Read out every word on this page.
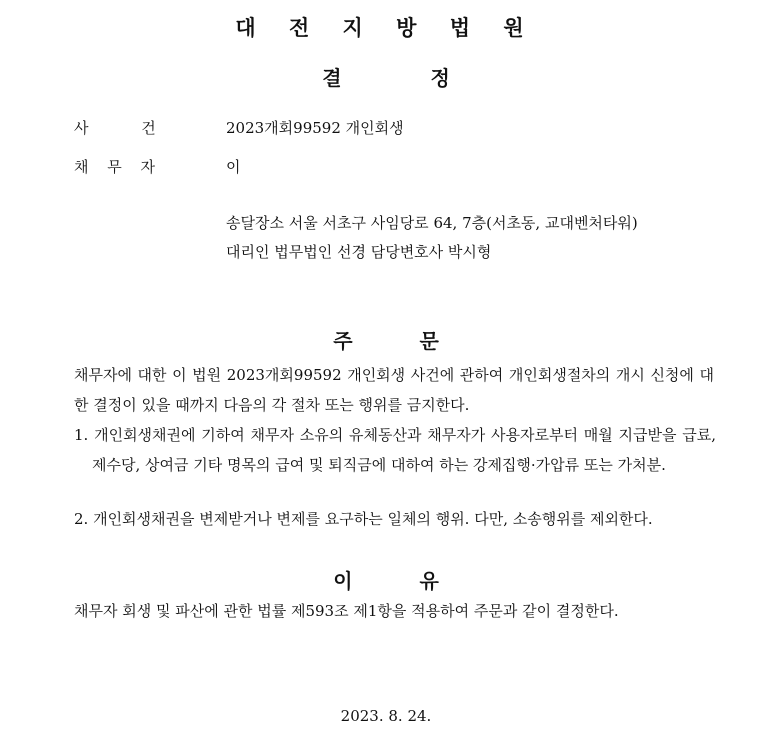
대 전 지 방 법 원
결 정
사 건	2023개회99592 개인회생
채 무 자	이
송달장소 서울 서초구 사임당로 64, 7층(서초동, 교대벤처타워)
대리인 법무법인 선경 담당변호사 박시형
주 문
채무자에 대한 이 법원 2023개회99592 개인회생 사건에 관하여 개인회생절차의 개시 신청에 대한 결정이 있을 때까지 다음의 각 절차 또는 행위를 금지한다.
1. 개인회생채권에 기하여 채무자 소유의 유체동산과 채무자가 사용자로부터 매월 지급받을 급료, 제수당, 상여금 기타 명목의 급여 및 퇴직금에 대하여 하는 강제집행·가압류 또는 가처분.
2. 개인회생채권을 변제받거나 변제를 요구하는 일체의 행위. 다만, 소송행위를 제외한다.
이 유
채무자 회생 및 파산에 관한 법률 제593조 제1항을 적용하여 주문과 같이 결정한다.
2023. 8. 24.
